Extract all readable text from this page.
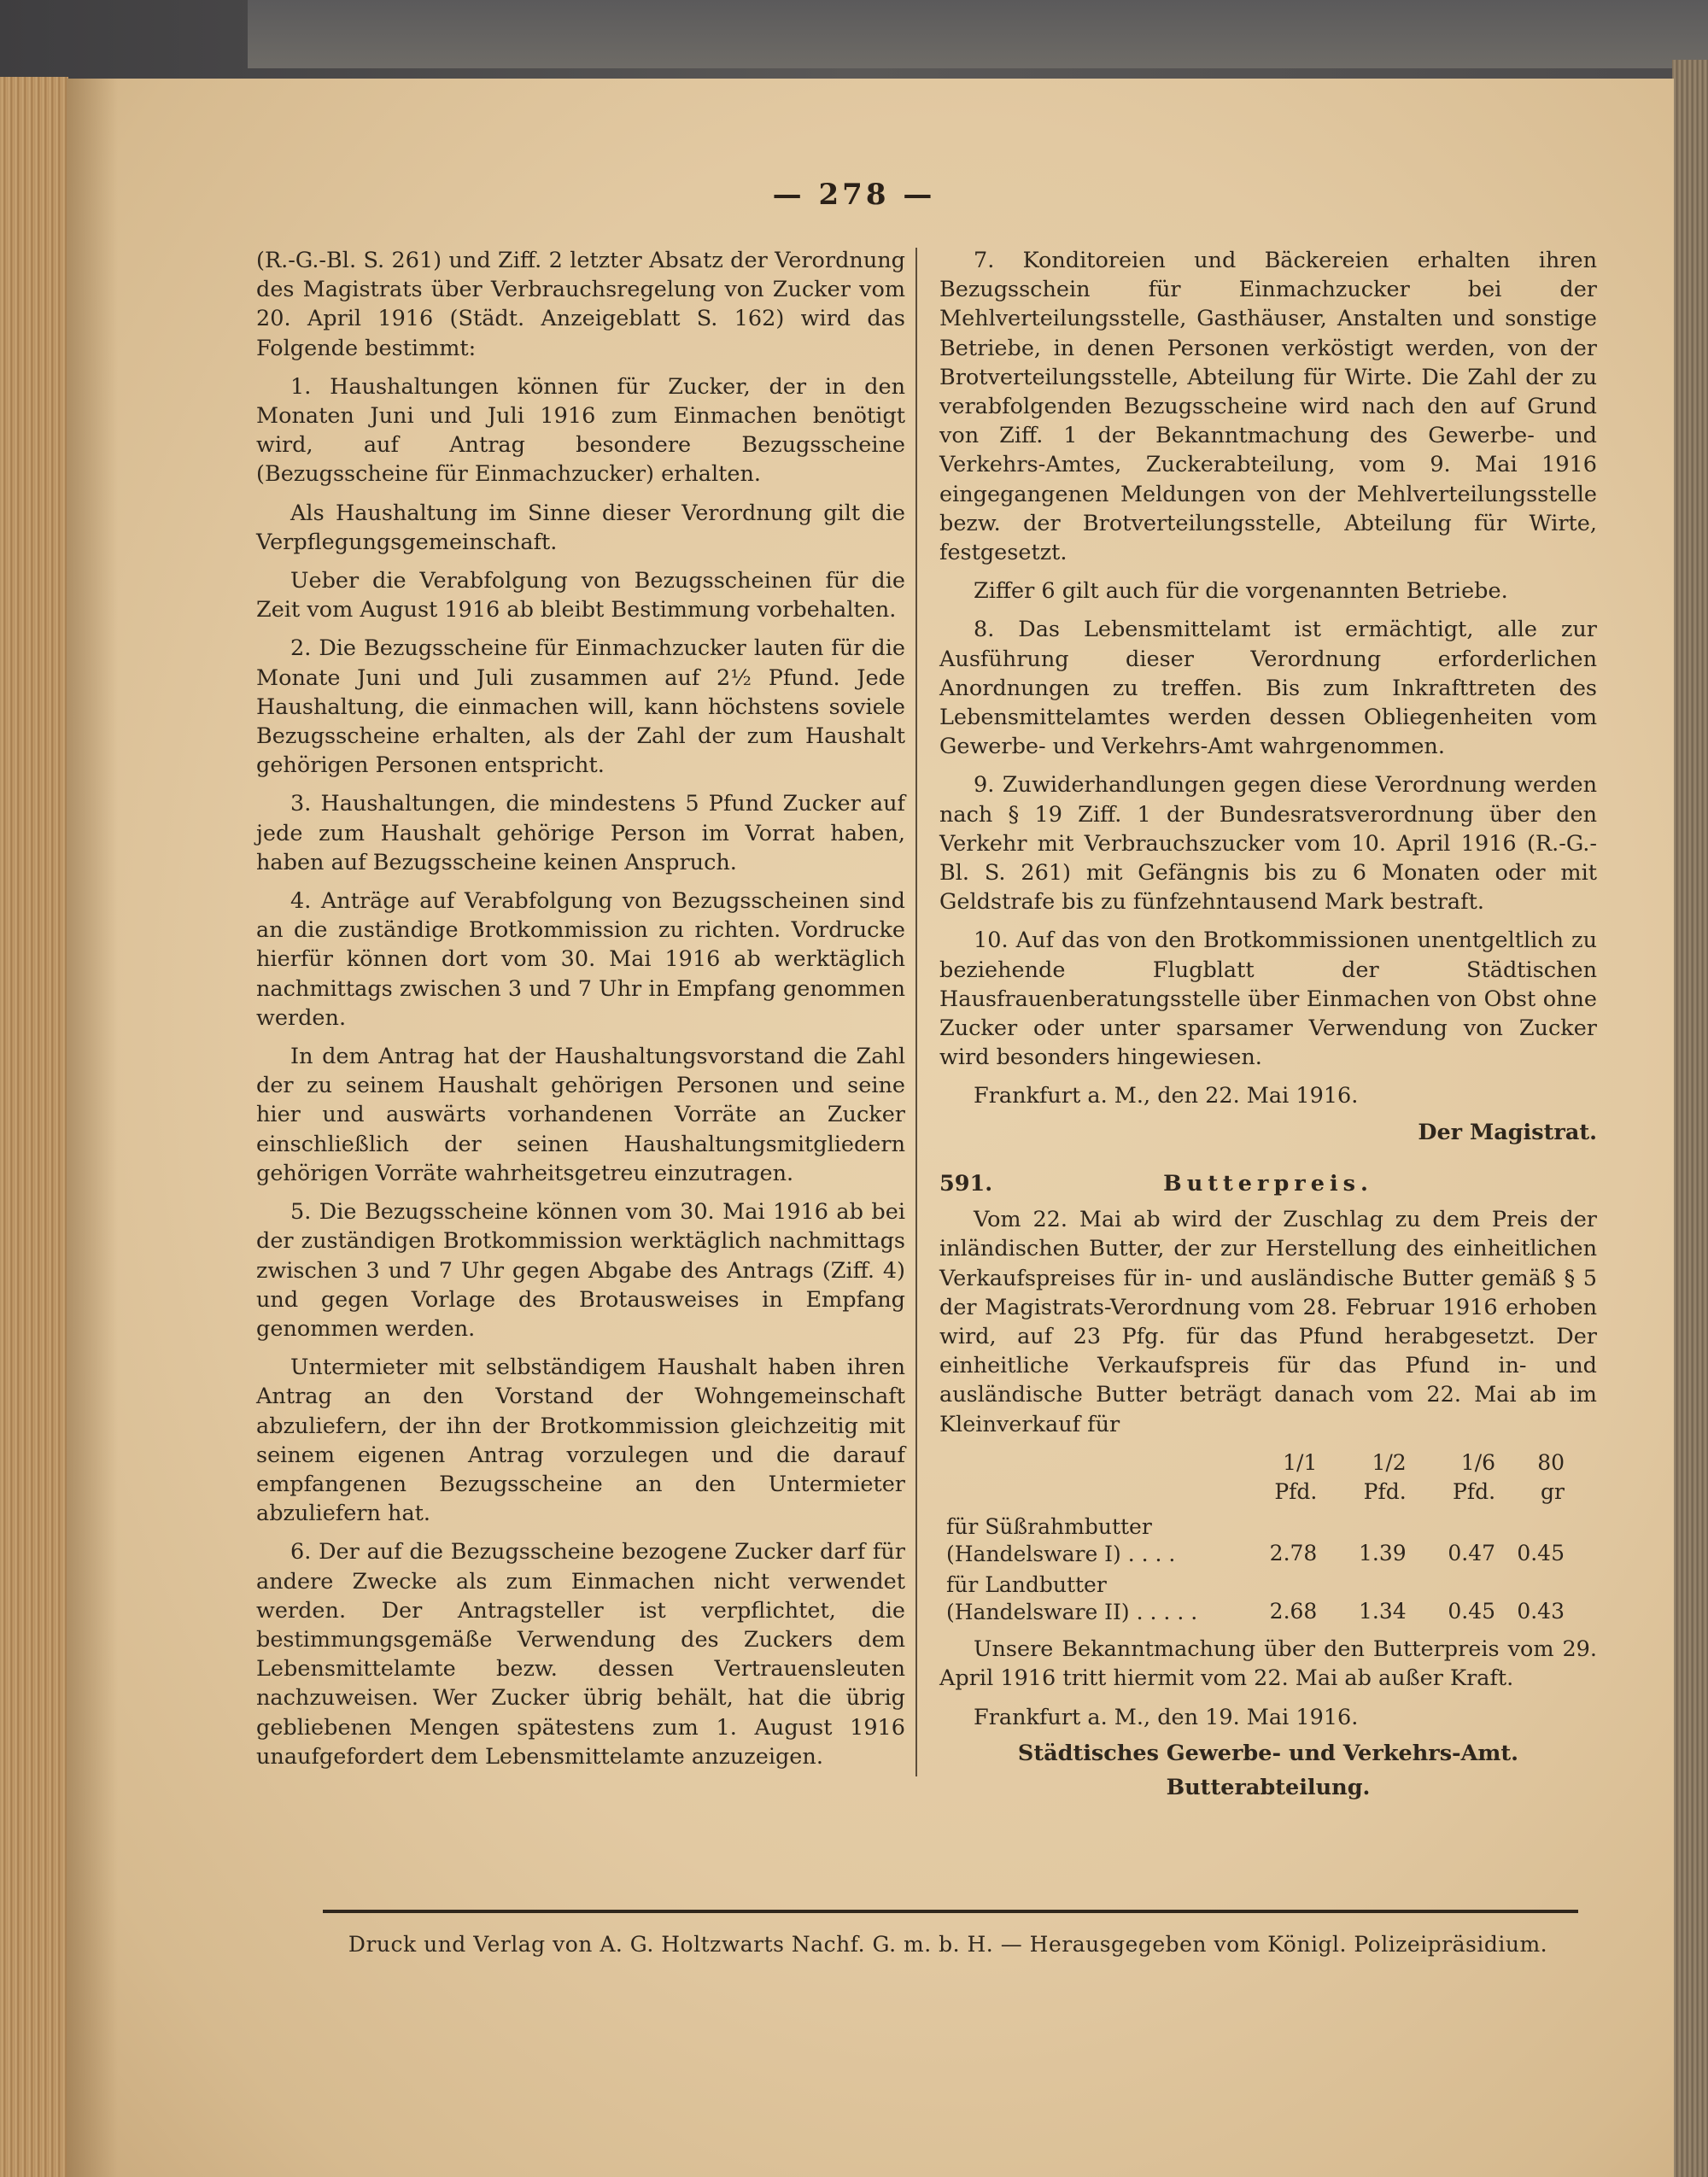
— 278 —

(R.-G.-Bl. S. 261) und Ziff. 2 letzter Absatz der Verordnung des Magistrats über Verbrauchsregelung von Zucker vom 20. April 1916 (Städt. Anzeigeblatt S. 162) wird das Folgende bestimmt:

1. Haushaltungen können für Zucker, der in den Monaten Juni und Juli 1916 zum Einmachen benötigt wird, auf Antrag besondere Bezugsscheine (Bezugsscheine für Einmachzucker) erhalten.

Als Haushaltung im Sinne dieser Verordnung gilt die Verpflegungsgemeinschaft.

Ueber die Verabfolgung von Bezugsscheinen für die Zeit vom August 1916 ab bleibt Bestimmung vorbehalten.

2. Die Bezugsscheine für Einmachzucker lauten für die Monate Juni und Juli zusammen auf 2½ Pfund. Jede Haushaltung, die einmachen will, kann höchstens soviele Bezugsscheine erhalten, als der Zahl der zum Haushalt gehörigen Personen entspricht.

3. Haushaltungen, die mindestens 5 Pfund Zucker auf jede zum Haushalt gehörige Person im Vorrat haben, haben auf Bezugsscheine keinen Anspruch.

4. Anträge auf Verabfolgung von Bezugsscheinen sind an die zuständige Brotkommission zu richten. Vordrucke hierfür können dort vom 30. Mai 1916 ab werktäglich nachmittags zwischen 3 und 7 Uhr in Empfang genommen werden.

In dem Antrag hat der Haushaltungsvorstand die Zahl der zu seinem Haushalt gehörigen Personen und seine hier und auswärts vorhandenen Vorräte an Zucker einschließlich der seinen Haushaltungsmitgliedern gehörigen Vorräte wahrheitsgetreu einzutragen.

5. Die Bezugsscheine können vom 30. Mai 1916 ab bei der zuständigen Brotkommission werktäglich nachmittags zwischen 3 und 7 Uhr gegen Abgabe des Antrags (Ziff. 4) und gegen Vorlage des Brotausweises in Empfang genommen werden.

Untermieter mit selbständigem Haushalt haben ihren Antrag an den Vorstand der Wohngemeinschaft abzuliefern, der ihn der Brotkommission gleichzeitig mit seinem eigenen Antrag vorzulegen und die darauf empfangenen Bezugsscheine an den Untermieter abzuliefern hat.

6. Der auf die Bezugsscheine bezogene Zucker darf für andere Zwecke als zum Einmachen nicht verwendet werden. Der Antragsteller ist verpflichtet, die bestimmungsgemäße Verwendung des Zuckers dem Lebensmittelamte bezw. dessen Vertrauensleuten nachzuweisen. Wer Zucker übrig behält, hat die übrig gebliebenen Mengen spätestens zum 1. August 1916 unaufgefordert dem Lebensmittelamte anzuzeigen.

7. Konditoreien und Bäckereien erhalten ihren Bezugsschein für Einmachzucker bei der Mehlverteilungsstelle, Gasthäuser, Anstalten und sonstige Betriebe, in denen Personen verköstigt werden, von der Brotverteilungsstelle, Abteilung für Wirte. Die Zahl der zu verabfolgenden Bezugsscheine wird nach den auf Grund von Ziff. 1 der Bekanntmachung des Gewerbe- und Verkehrs-Amtes, Zuckerabteilung, vom 9. Mai 1916 eingegangenen Meldungen von der Mehlverteilungsstelle bezw. der Brotverteilungsstelle, Abteilung für Wirte, festgesetzt.

Ziffer 6 gilt auch für die vorgenannten Betriebe.

8. Das Lebensmittelamt ist ermächtigt, alle zur Ausführung dieser Verordnung erforderlichen Anordnungen zu treffen. Bis zum Inkrafttreten des Lebensmittelamtes werden dessen Obliegenheiten vom Gewerbe- und Verkehrs-Amt wahrgenommen.

9. Zuwiderhandlungen gegen diese Verordnung werden nach § 19 Ziff. 1 der Bundesratsverordnung über den Verkehr mit Verbrauchszucker vom 10. April 1916 (R.-G.-Bl. S. 261) mit Gefängnis bis zu 6 Monaten oder mit Geldstrafe bis zu fünfzehntausend Mark bestraft.

10. Auf das von den Brotkommissionen unentgeltlich zu beziehende Flugblatt der Städtischen Hausfrauenberatungsstelle über Einmachen von Obst ohne Zucker oder unter sparsamer Verwendung von Zucker wird besonders hingewiesen.

Frankfurt a. M., den 22. Mai 1916.

Der Magistrat.

591.	Butterpreis.

Vom 22. Mai ab wird der Zuschlag zu dem Preis der inländischen Butter, der zur Herstellung des einheitlichen Verkaufspreises für in- und ausländische Butter gemäß § 5 der Magistrats-Verordnung vom 28. Februar 1916 erhoben wird, auf 23 Pfg. für das Pfund herabgesetzt. Der einheitliche Verkaufspreis für das Pfund in- und ausländische Butter beträgt danach vom 22. Mai ab im Kleinverkauf für

	1/1 Pfd.	1/2 Pfd.	1/6 Pfd.	80 gr
für Süßrahmbutter (Handelsware I) . . . .	2.78	1.39	0.47	0.45
für Landbutter (Handelsware II) . . . . .	2.68	1.34	0.45	0.43

Unsere Bekanntmachung über den Butterpreis vom 29. April 1916 tritt hiermit vom 22. Mai ab außer Kraft.

Frankfurt a. M., den 19. Mai 1916.

Städtisches Gewerbe- und Verkehrs-Amt.

Butterabteilung.

Druck und Verlag von A. G. Holtzwarts Nachf. G. m. b. H. — Herausgegeben vom Königl. Polizeipräsidium.
